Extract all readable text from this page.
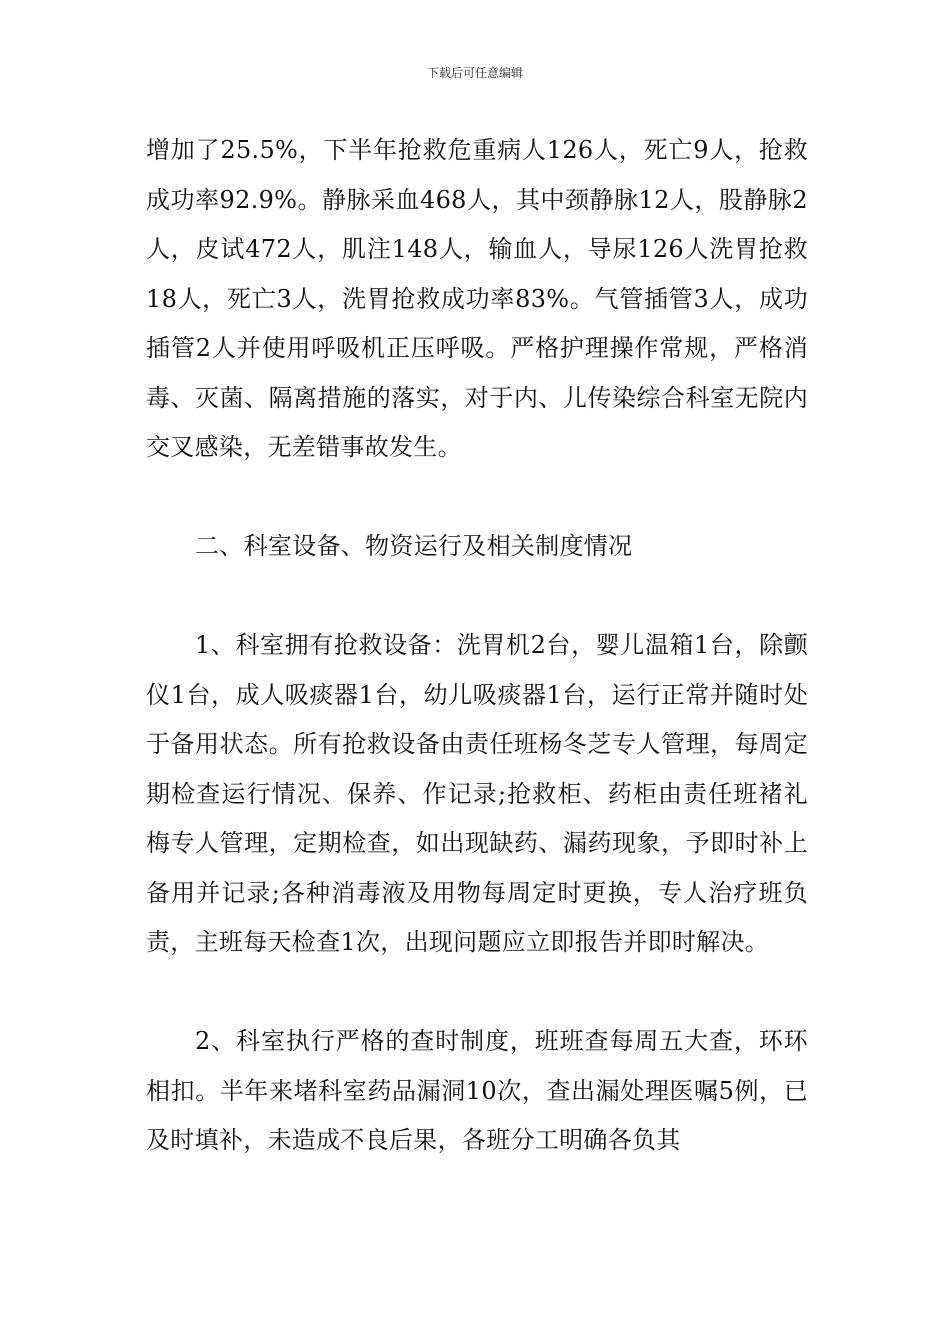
下载后可任意编辑

增加了25.5%，下半年抢救危重病人126人，死亡9人，抢救成功率92.9%。静脉采血468人，其中颈静脉12人，股静脉2人，皮试472人，肌注148人，输血人，导尿126人洗胃抢救18人，死亡3人，洗胃抢救成功率83%。气管插管3人，成功插管2人并使用呼吸机正压呼吸。严格护理操作常规，严格消毒、灭菌、隔离措施的落实，对于内、儿传染综合科室无院内交叉感染，无差错事故发生。

二、科室设备、物资运行及相关制度情况

1、科室拥有抢救设备：洗胃机2台，婴儿温箱1台，除颤仪1台，成人吸痰器1台，幼儿吸痰器1台，运行正常并随时处于备用状态。所有抢救设备由责任班杨冬芝专人管理，每周定期检查运行情况、保养、作记录;抢救柜、药柜由责任班褚礼梅专人管理，定期检查，如出现缺药、漏药现象，予即时补上备用并记录;各种消毒液及用物每周定时更换，专人治疗班负责，主班每天检查1次，出现问题应立即报告并即时解决。

2、科室执行严格的查时制度，班班查每周五大查，环环相扣。半年来堵科室药品漏洞10次，查出漏处理医嘱5例，已及时填补，未造成不良后果，各班分工明确各负其
